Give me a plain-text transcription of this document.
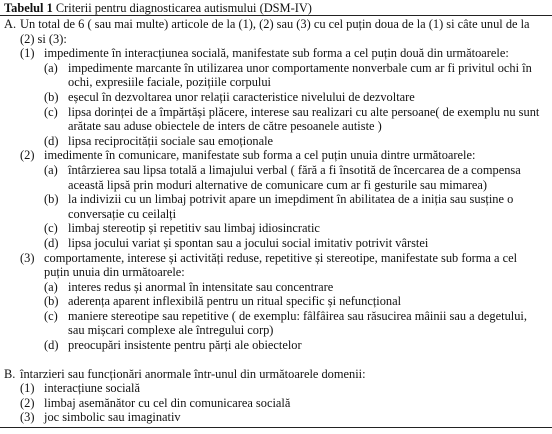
Tabelul 1 Criterii pentru diagnosticarea autismului (DSM-IV)
A. Un total de 6 ( sau mai multe) articole de la (1), (2) sau (3) cu cel puțin doua de la (1) si câte unul de la (2) si (3):
(1) impedimente în interacțiunea socială, manifestate sub forma a cel puțin două din următoarele:
(a) impedimente marcante în utilizarea unor comportamente nonverbale cum ar fi privitul ochi în ochi, expresiile faciale, pozițiile corpului
(b) eșecul în dezvoltarea unor relații caracteristice nivelului de dezvoltare
(c) lipsa dorinței de a împărtăși plăcere, interese sau realizari cu alte persoane( de exemplu nu sunt arătate sau aduse obiectele de inters de către pesoanele autiste )
(d) lipsa reciprocității sociale sau emoționale
(2) imedimente în comunicare, manifestate sub forma a cel puțin unuia dintre următoarele:
(a) întârzierea sau lipsa totală a limajului verbal ( fără a fi însotită de încercarea de a compensa această lipsă prin moduri alternative de comunicare cum ar fi gesturile sau mimarea)
(b) la indivizii cu un limbaj potrivit apare un imepdiment în abilitatea de a iniția sau susține o conversație cu ceilalți
(c) limbaj stereotip și repetitiv sau limbaj idiosincratic
(d) lipsa jocului variat și spontan sau a jocului social imitativ potrivit vârstei
(3) comportamente, interese și activități reduse, repetitive și stereotipe, manifestate sub forma a cel puțin unuia din următoarele:
(a) interes redus și anormal în intensitate sau concentrare
(b) aderența aparent inflexibilă pentru un ritual specific și nefuncțional
(c) maniere stereotipe sau repetitive ( de exemplu: fâlfâirea sau răsucirea mâinii sau a degetului, sau mișcari complexe ale întregului corp)
(d) preocupări insistente pentru părți ale obiectelor
B. întarzieri sau funcționări anormale într-unul din următoarele domenii:
(1) interacțiune socială
(2) limbaj asemănător cu cel din comunicarea socială
(3) joc simbolic sau imaginativ
